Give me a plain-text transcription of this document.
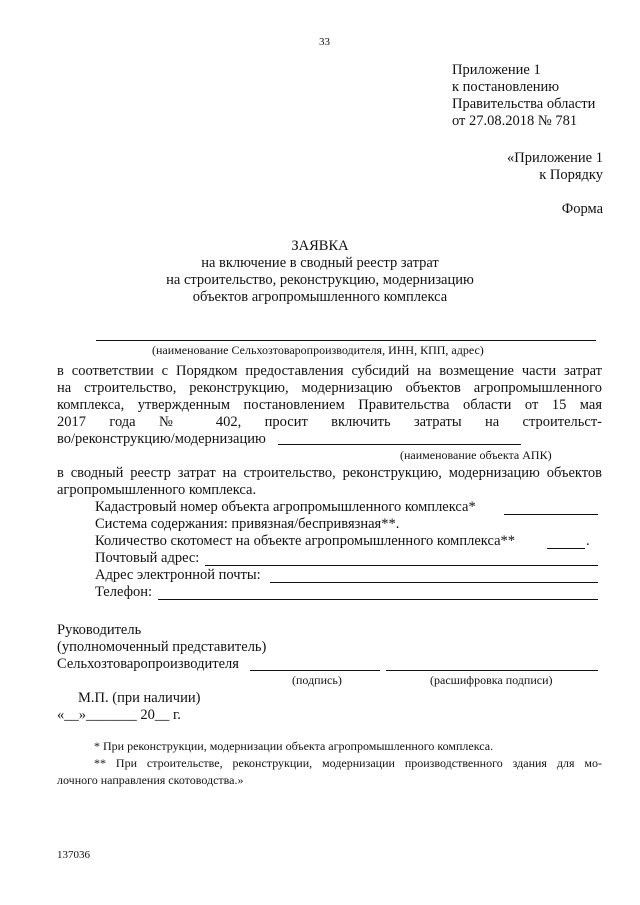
33
Приложение 1
к постановлению
Правительства области
от 27.08.2018 № 781
«Приложение 1
к Порядку
Форма
ЗАЯВКА
на включение в сводный реестр затрат
на строительство, реконструкцию, модернизацию
объектов агропромышленного комплекса
(наименование Сельхозтоваропроизводителя, ИНН, КПП, адрес)
в соответствии с Порядком предоставления субсидий на возмещение части затрат
на строительство, реконструкцию, модернизацию объектов агропромышленного
комплекса, утвержденным постановлением Правительства области от 15 мая
2017 года № 402, просит включить затраты на строительст-
во/реконструкцию/модернизацию
(наименование объекта АПК)
в сводный реестр затрат на строительство, реконструкцию, модернизацию объектов
агропромышленного комплекса.
Кадастровый номер объекта агропромышленного комплекса*
Система содержания: привязная/беспривязная**.
Количество скотомест на объекте агропромышленного комплекса**	.
Почтовый адрес:
Адрес электронной почты:
Телефон:
Руководитель
(уполномоченный представитель)
Сельхозтоваропроизводителя
(подпись)	(расшифровка подписи)
М.П. (при наличии)
«__»_______ 20__ г.
* При реконструкции, модернизации объекта агропромышленного комплекса.
** При строительстве, реконструкции, модернизации производственного здания для мо-
лочного направления скотоводства.»
137036
